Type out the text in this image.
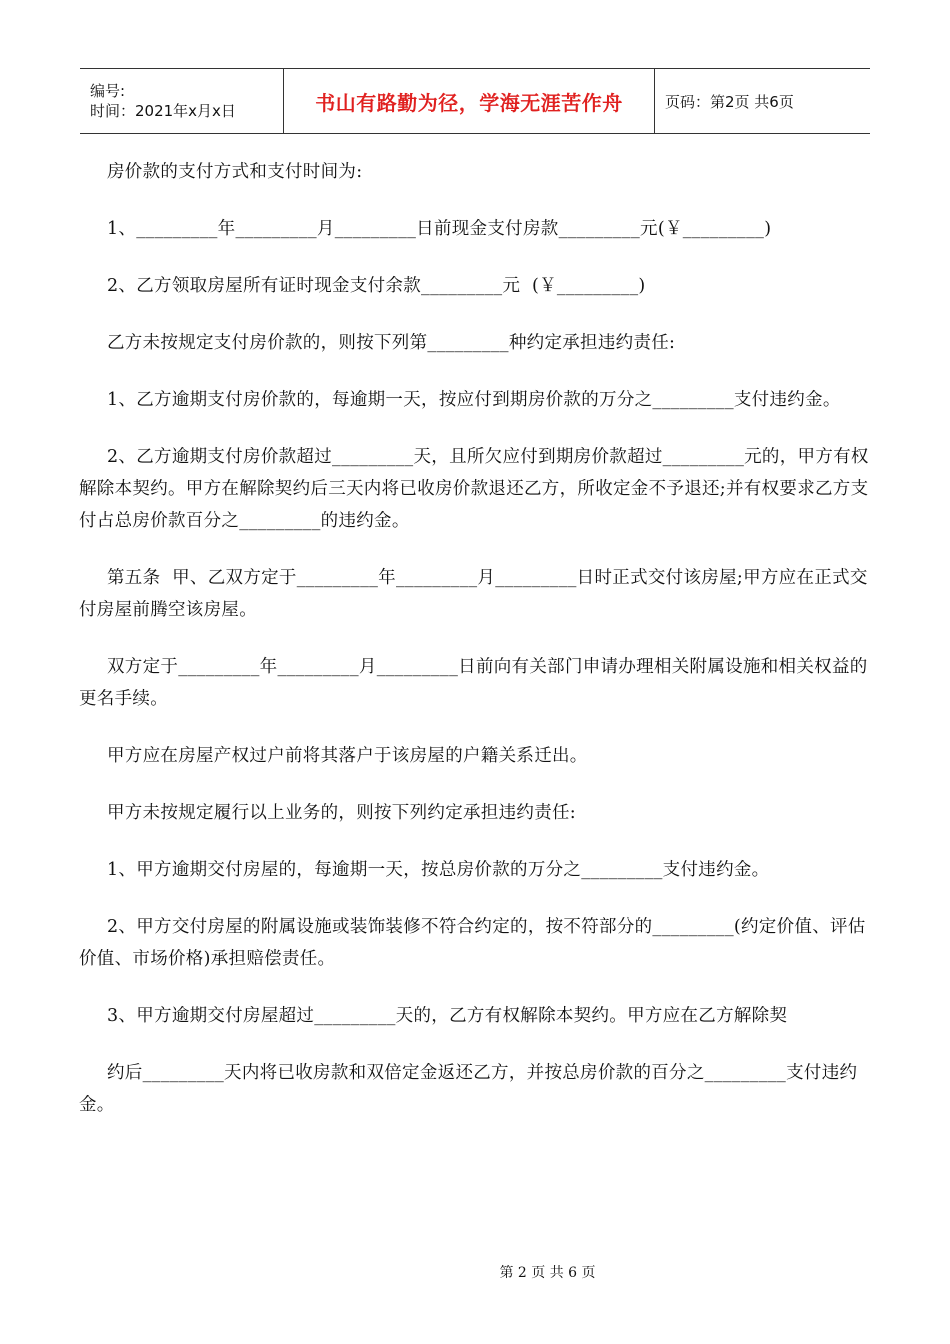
编号:
时间：2021年x月x日	书山有路勤为径，学海无涯苦作舟	页码：第2页 共6页

房价款的支付方式和支付时间为:

1、_________年_________月_________日前现金支付房款_________元(￥_________)

2、乙方领取房屋所有证时现金支付余款_________元  (￥_________)

乙方未按规定支付房价款的，则按下列第_________种约定承担违约责任:

1、乙方逾期支付房价款的，每逾期一天，按应付到期房价款的万分之_________支付违约金。

2、乙方逾期支付房价款超过_________天，且所欠应付到期房价款超过_________元的，甲方有权解除本契约。甲方在解除契约后三天内将已收房价款退还乙方，所收定金不予退还;并有权要求乙方支付占总房价款百分之_________的违约金。

第五条  甲、乙双方定于_________年_________月_________日时正式交付该房屋;甲方应在正式交付房屋前腾空该房屋。

双方定于_________年_________月_________日前向有关部门申请办理相关附属设施和相关权益的更名手续。

甲方应在房屋产权过户前将其落户于该房屋的户籍关系迁出。

甲方未按规定履行以上业务的，则按下列约定承担违约责任:

1、甲方逾期交付房屋的，每逾期一天，按总房价款的万分之_________支付违约金。

2、甲方交付房屋的附属设施或装饰装修不符合约定的，按不符部分的_________(约定价值、评估价值、市场价格)承担赔偿责任。

3、甲方逾期交付房屋超过_________天的，乙方有权解除本契约。甲方应在乙方解除契

约后_________天内将已收房款和双倍定金返还乙方，并按总房价款的百分之_________支付违约金。

第 2 页 共 6 页
